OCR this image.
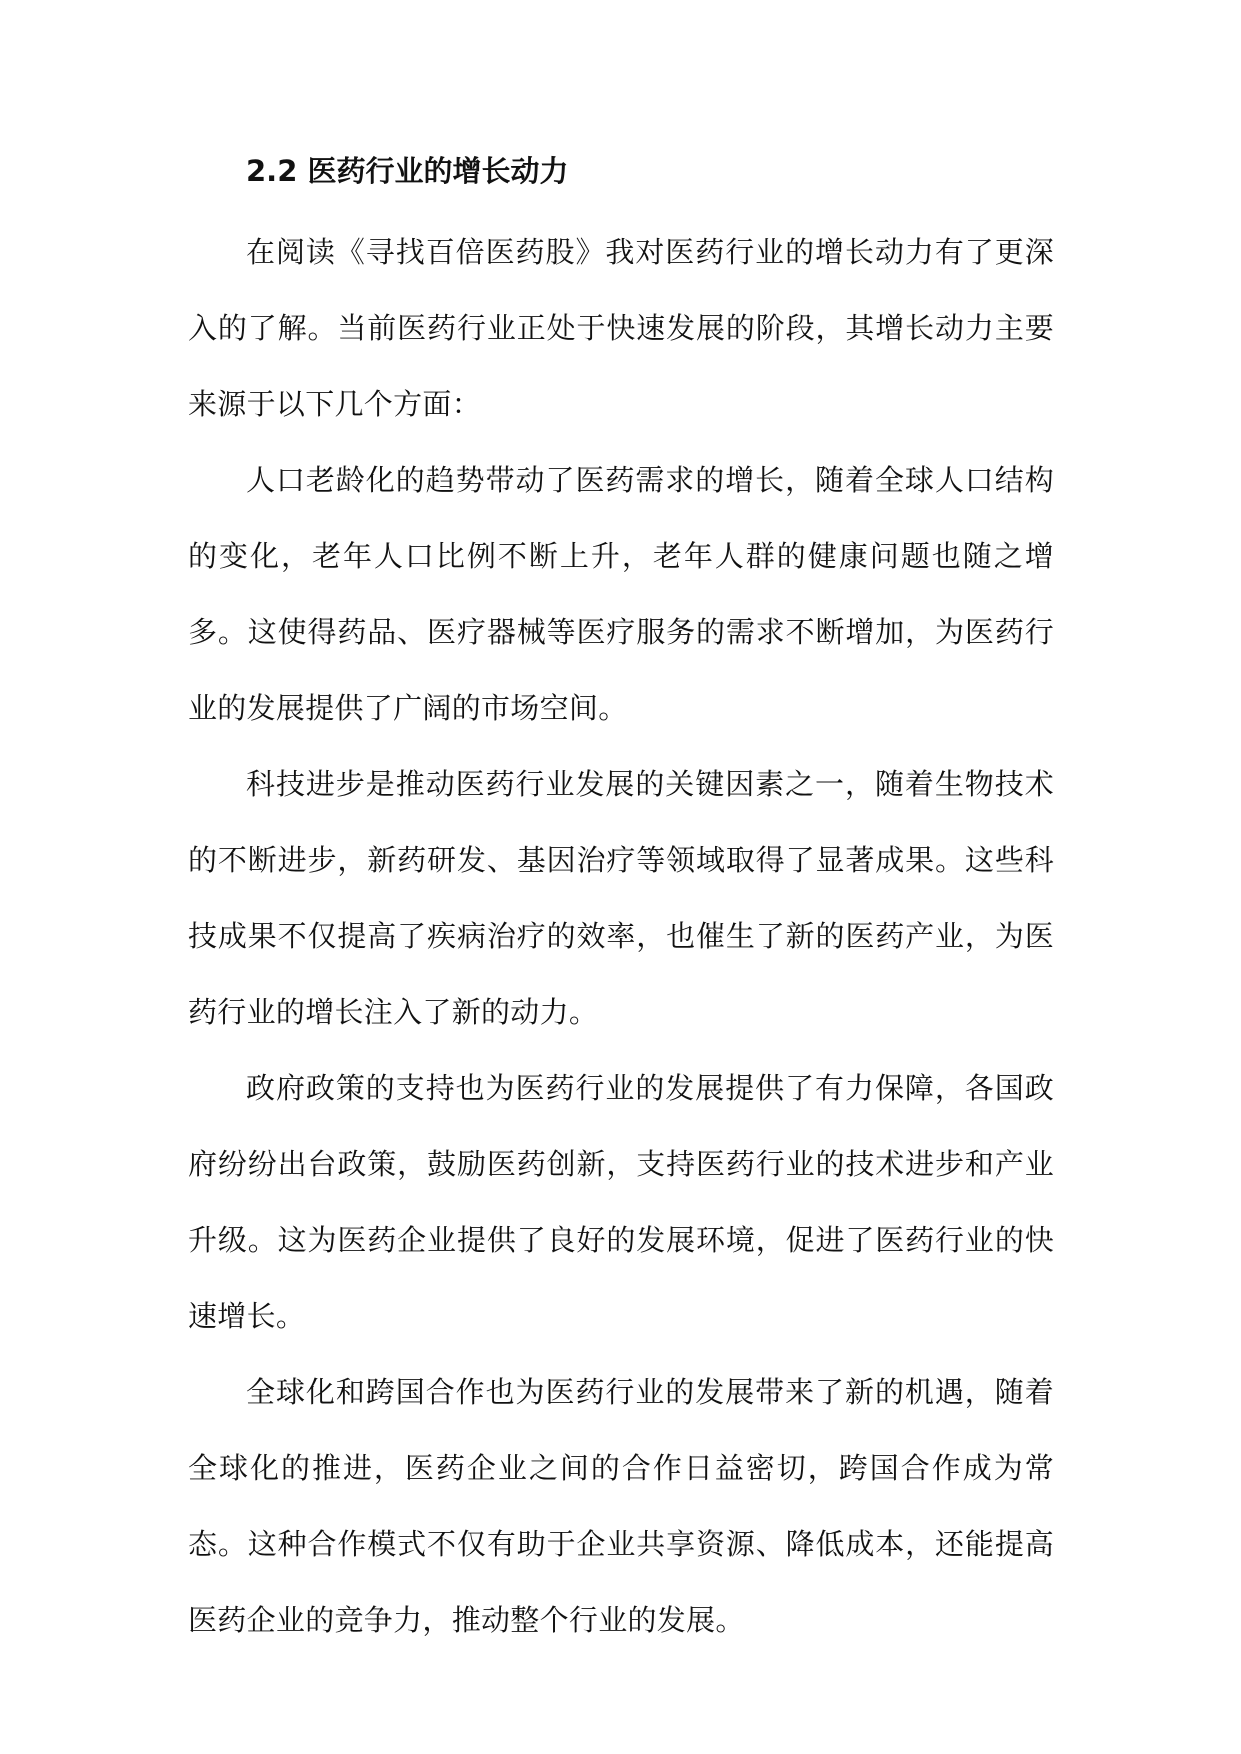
2.2 医药行业的增长动力

在阅读《寻找百倍医药股》我对医药行业的增长动力有了更深入的了解。当前医药行业正处于快速发展的阶段，其增长动力主要来源于以下几个方面：

人口老龄化的趋势带动了医药需求的增长，随着全球人口结构的变化，老年人口比例不断上升，老年人群的健康问题也随之增多。这使得药品、医疗器械等医疗服务的需求不断增加，为医药行业的发展提供了广阔的市场空间。

科技进步是推动医药行业发展的关键因素之一，随着生物技术的不断进步，新药研发、基因治疗等领域取得了显著成果。这些科技成果不仅提高了疾病治疗的效率，也催生了新的医药产业，为医药行业的增长注入了新的动力。

政府政策的支持也为医药行业的发展提供了有力保障，各国政府纷纷出台政策，鼓励医药创新，支持医药行业的技术进步和产业升级。这为医药企业提供了良好的发展环境，促进了医药行业的快速增长。

全球化和跨国合作也为医药行业的发展带来了新的机遇，随着全球化的推进，医药企业之间的合作日益密切，跨国合作成为常态。这种合作模式不仅有助于企业共享资源、降低成本，还能提高医药企业的竞争力，推动整个行业的发展。
